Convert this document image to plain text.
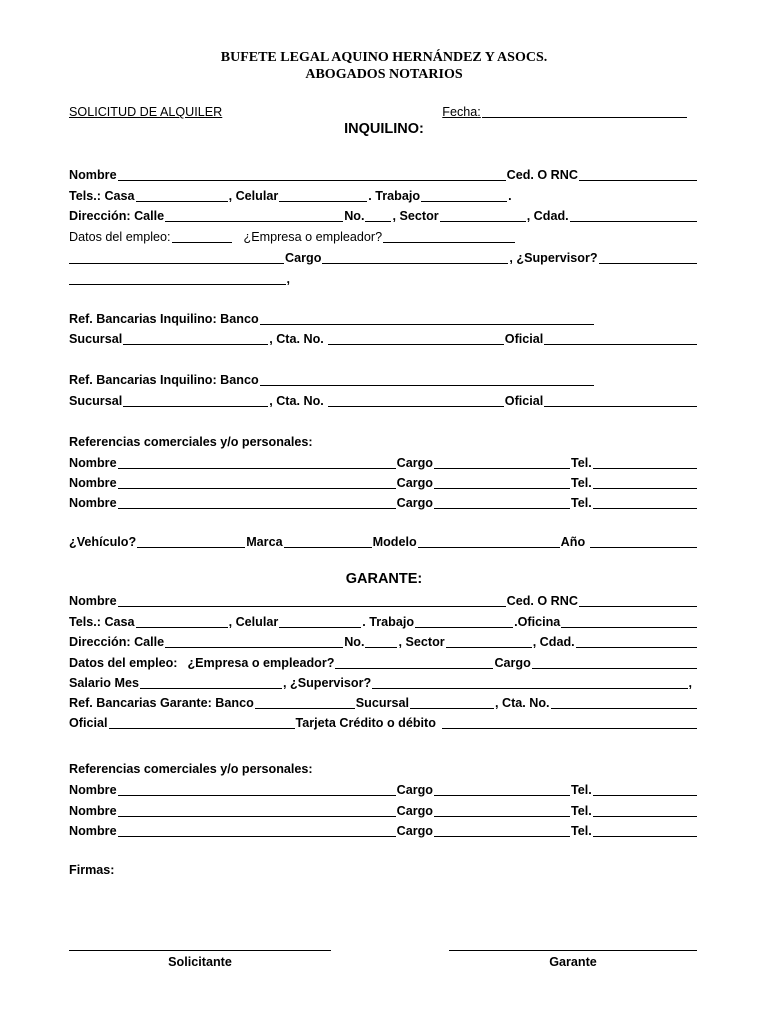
BUFETE LEGAL AQUINO HERNÁNDEZ Y ASOCS.
ABOGADOS NOTARIOS
SOLICITUD DE ALQUILER	Fecha:
INQUILINO:
Nombre	Ced. O RNC
Tels.: Casa	, Celular	. Trabajo	.
Dirección: Calle	No. , Sector	, Cdad.
Datos del empleo:	¿Empresa o empleador?
Cargo	, ¿Supervisor?
,
Ref. Bancarias Inquilino: Banco
Sucursal	, Cta. No.	Oficial
Ref. Bancarias Inquilino: Banco
Sucursal	, Cta. No.	Oficial
Referencias comerciales y/o personales:
Nombre	Cargo	Tel.
Nombre	Cargo	Tel.
Nombre	Cargo	Tel.
¿Vehículo?	Marca	Modelo	Año
GARANTE:
Nombre	Ced. O RNC
Tels.: Casa	, Celular	. Trabajo	.Oficina
Dirección: Calle	No.	, Sector	, Cdad.
Datos del empleo: ¿Empresa o empleador?	Cargo
Salario Mes	, ¿Supervisor?	,
Ref. Bancarias Garante: Banco	Sucursal	, Cta. No.
Oficial	Tarjeta Crédito o débito
Referencias comerciales y/o personales:
Nombre	Cargo	Tel.
Nombre	Cargo	Tel.
Nombre	Cargo	Tel.
Firmas:
Solicitante	Garante
